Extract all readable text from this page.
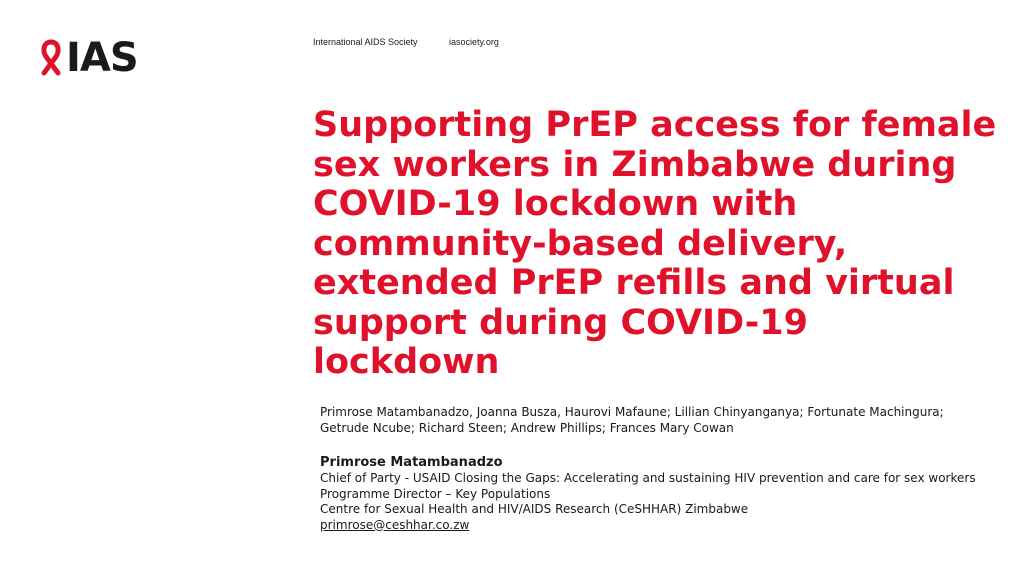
IAS	International AIDS Society	iasociety.org
Supporting PrEP access for female sex workers in Zimbabwe during COVID-19 lockdown with community-based delivery, extended PrEP refills and virtual support during COVID-19 lockdown

Primrose Matambanadzo, Joanna Busza, Haurovi Mafaune; Lillian Chinyanganya; Fortunate Machingura; Getrude Ncube; Richard Steen; Andrew Phillips; Frances Mary Cowan

Primrose Matambanadzo
Chief of Party - USAID Closing the Gaps: Accelerating and sustaining HIV prevention and care for sex workers
Programme Director – Key Populations
Centre for Sexual Health and HIV/AIDS Research (CeSHHAR) Zimbabwe
primrose@ceshhar.co.zw
